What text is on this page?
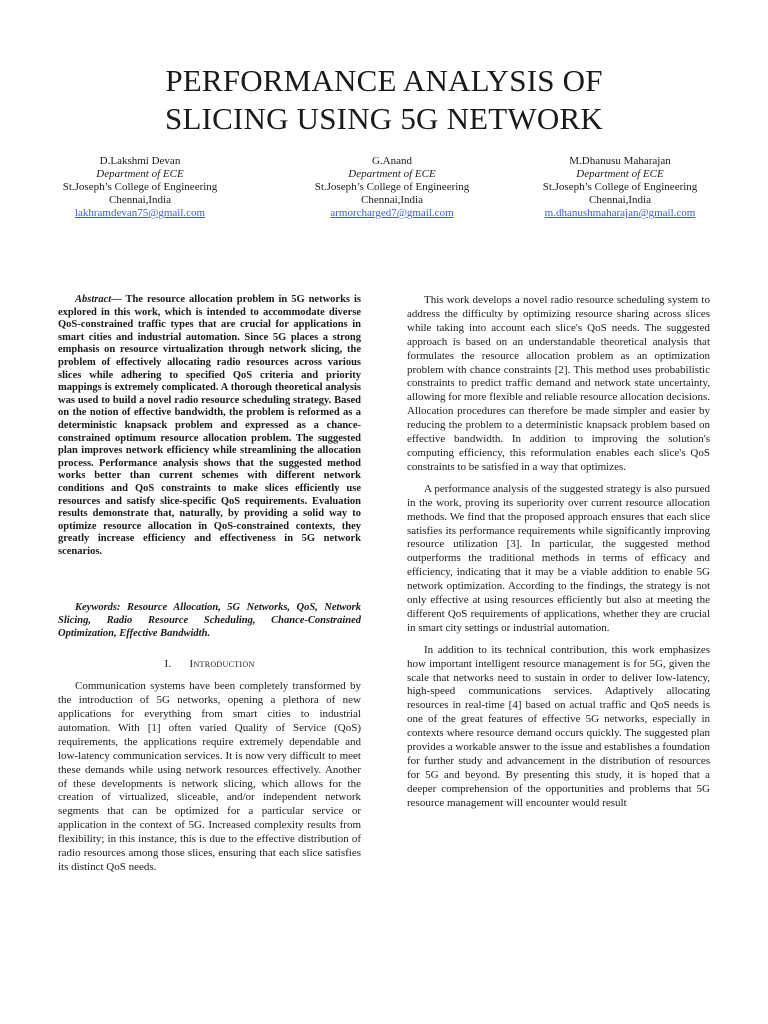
PERFORMANCE ANALYSIS OF
SLICING USING 5G NETWORK
D.Lakshmi Devan
Department of ECE
St.Joseph’s College of Engineering
Chennai,India
lakhramdevan75@gmail.com
G.Anand
Department of ECE
St.Joseph’s College of Engineering
Chennai,India
armorcharged7@gmail.com
M.Dhanusu Maharajan
Department of ECE
St.Joseph’s College of Engineering
Chennai,India
m.dhanushmaharajan@gmail.com

Abstract— The resource allocation problem in 5G networks is explored in this work, which is intended to accommodate diverse QoS-constrained traffic types that are crucial for applications in smart cities and industrial automation. Since 5G places a strong emphasis on resource virtualization through network slicing, the problem of effectively allocating radio resources across various slices while adhering to specified QoS criteria and priority mappings is extremely complicated. A thorough theoretical analysis was used to build a novel radio resource scheduling strategy. Based on the notion of effective bandwidth, the problem is reformed as a deterministic knapsack problem and expressed as a chance-constrained optimum resource allocation problem. The suggested plan improves network efficiency while streamlining the allocation process. Performance analysis shows that the suggested method works better than current schemes with different network conditions and QoS constraints to make slices efficiently use resources and satisfy slice-specific QoS requirements. Evaluation results demonstrate that, naturally, by providing a solid way to optimize resource allocation in QoS-constrained contexts, they greatly increase efficiency and effectiveness in 5G network scenarios.

Keywords: Resource Allocation, 5G Networks, QoS, Network Slicing, Radio Resource Scheduling, Chance-Constrained Optimization, Effective Bandwidth.

I. Introduction

Communication systems have been completely transformed by the introduction of 5G networks, opening a plethora of new applications for everything from smart cities to industrial automation. With [1] often varied Quality of Service (QoS) requirements, the applications require extremely dependable and low-latency communication services. It is now very difficult to meet these demands while using network resources effectively. Another of these developments is network slicing, which allows for the creation of virtualized, sliceable, and/or independent network segments that can be optimized for a particular service or application in the context of 5G. Increased complexity results from flexibility; in this instance, this is due to the effective distribution of radio resources among those slices, ensuring that each slice satisfies its distinct QoS needs.

This work develops a novel radio resource scheduling system to address the difficulty by optimizing resource sharing across slices while taking into account each slice's QoS needs. The suggested approach is based on an understandable theoretical analysis that formulates the resource allocation problem as an optimization problem with chance constraints [2]. This method uses probabilistic constraints to predict traffic demand and network state uncertainty, allowing for more flexible and reliable resource allocation decisions. Allocation procedures can therefore be made simpler and easier by reducing the problem to a deterministic knapsack problem based on effective bandwidth. In addition to improving the solution's computing efficiency, this reformulation enables each slice's QoS constraints to be satisfied in a way that optimizes.

A performance analysis of the suggested strategy is also pursued in the work, proving its superiority over current resource allocation methods. We find that the proposed approach ensures that each slice satisfies its performance requirements while significantly improving resource utilization [3]. In particular, the suggested method outperforms the traditional methods in terms of efficacy and efficiency, indicating that it may be a viable addition to enable 5G network optimization. According to the findings, the strategy is not only effective at using resources efficiently but also at meeting the different QoS requirements of applications, whether they are crucial in smart city settings or industrial automation.

In addition to its technical contribution, this work emphasizes how important intelligent resource management is for 5G, given the scale that networks need to sustain in order to deliver low-latency, high-speed communications services. Adaptively allocating resources in real-time [4] based on actual traffic and QoS needs is one of the great features of effective 5G networks, especially in contexts where resource demand occurs quickly. The suggested plan provides a workable answer to the issue and establishes a foundation for further study and advancement in the distribution of resources for 5G and beyond. By presenting this study, it is hoped that a deeper comprehension of the opportunities and problems that 5G resource management will encounter would result
